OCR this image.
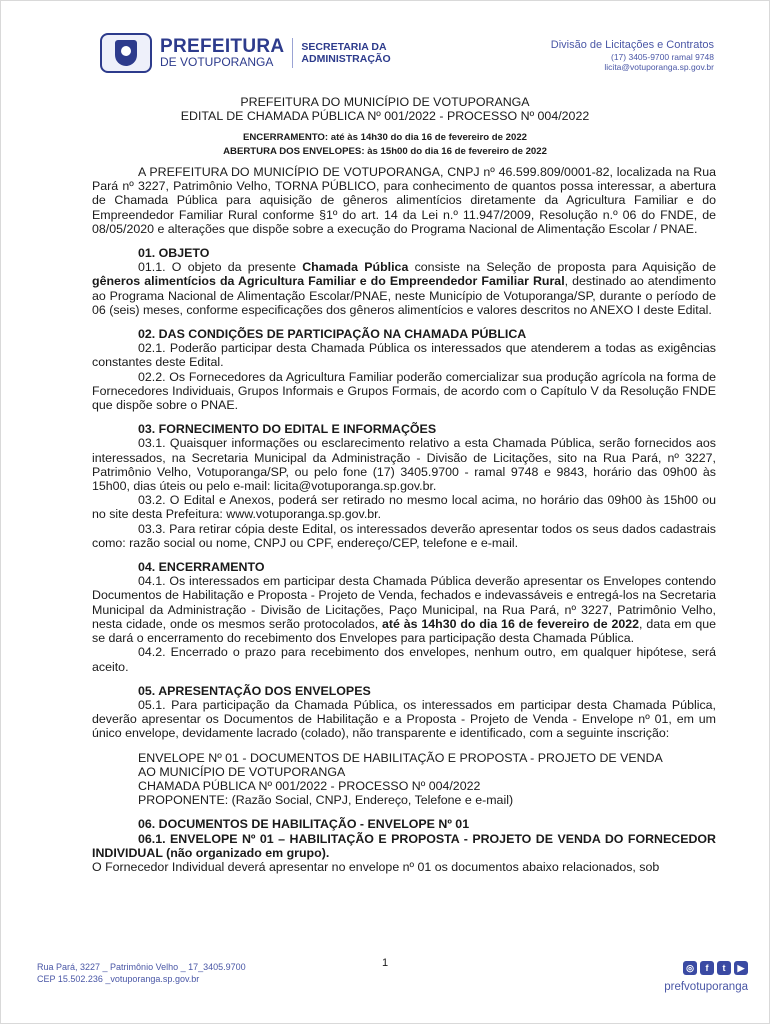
PREFEITURA
DE VOTUPORANGA
SECRETARIA DA
ADMINISTRAÇÃO
Divisão de Licitações e Contratos
(17) 3405-9700 ramal 9748
licita@votuporanga.sp.gov.br
PREFEITURA DO MUNICÍPIO DE VOTUPORANGA
EDITAL DE CHAMADA PÚBLICA Nº 001/2022 - PROCESSO Nº 004/2022
ENCERRAMENTO: até às 14h30 do dia 16 de fevereiro de 2022
ABERTURA DOS ENVELOPES: às 15h00 do dia 16 de fevereiro de 2022

A PREFEITURA DO MUNICÍPIO DE VOTUPORANGA, CNPJ nº 46.599.809/0001-82, localizada na Rua Pará nº 3227, Patrimônio Velho, TORNA PÚBLICO, para conhecimento de quantos possa interessar, a abertura de Chamada Pública para aquisição de gêneros alimentícios diretamente da Agricultura Familiar e do Empreendedor Familiar Rural conforme §1º do art. 14 da Lei n.º 11.947/2009, Resolução n.º 06 do FNDE, de 08/05/2020 e alterações que dispõe sobre a execução do Programa Nacional de Alimentação Escolar / PNAE.

01. OBJETO

01.1. O objeto da presente Chamada Pública consiste na Seleção de proposta para Aquisição de gêneros alimentícios da Agricultura Familiar e do Empreendedor Familiar Rural, destinado ao atendimento ao Programa Nacional de Alimentação Escolar/PNAE, neste Município de Votuporanga/SP, durante o período de 06 (seis) meses, conforme especificações dos gêneros alimentícios e valores descritos no ANEXO I deste Edital.

02. DAS CONDIÇÕES DE PARTICIPAÇÃO NA CHAMADA PÚBLICA

02.1. Poderão participar desta Chamada Pública os interessados que atenderem a todas as exigências constantes deste Edital.

02.2. Os Fornecedores da Agricultura Familiar poderão comercializar sua produção agrícola na forma de Fornecedores Individuais, Grupos Informais e Grupos Formais, de acordo com o Capítulo V da Resolução FNDE que dispõe sobre o PNAE.

03. FORNECIMENTO DO EDITAL E INFORMAÇÕES

03.1. Quaisquer informações ou esclarecimento relativo a esta Chamada Pública, serão fornecidos aos interessados, na Secretaria Municipal da Administração - Divisão de Licitações, sito na Rua Pará, nº 3227, Patrimônio Velho, Votuporanga/SP, ou pelo fone (17) 3405.9700 - ramal 9748 e 9843, horário das 09h00 às 15h00, dias úteis ou pelo e-mail: licita@votuporanga.sp.gov.br.

03.2. O Edital e Anexos, poderá ser retirado no mesmo local acima, no horário das 09h00 às 15h00 ou no site desta Prefeitura: www.votuporanga.sp.gov.br.

03.3. Para retirar cópia deste Edital, os interessados deverão apresentar todos os seus dados cadastrais como: razão social ou nome, CNPJ ou CPF, endereço/CEP, telefone e e-mail.

04. ENCERRAMENTO

04.1. Os interessados em participar desta Chamada Pública deverão apresentar os Envelopes contendo Documentos de Habilitação e Proposta - Projeto de Venda, fechados e indevassáveis e entregá-los na Secretaria Municipal da Administração - Divisão de Licitações, Paço Municipal, na Rua Pará, nº 3227, Patrimônio Velho, nesta cidade, onde os mesmos serão protocolados, até às 14h30 do dia 16 de fevereiro de 2022, data em que se dará o encerramento do recebimento dos Envelopes para participação desta Chamada Pública.

04.2. Encerrado o prazo para recebimento dos envelopes, nenhum outro, em qualquer hipótese, será aceito.

05. APRESENTAÇÃO DOS ENVELOPES

05.1. Para participação da Chamada Pública, os interessados em participar desta Chamada Pública, deverão apresentar os Documentos de Habilitação e a Proposta - Projeto de Venda - Envelope nº 01, em um único envelope, devidamente lacrado (colado), não transparente e identificado, com a seguinte inscrição:

ENVELOPE Nº 01 - DOCUMENTOS DE HABILITAÇÃO E PROPOSTA - PROJETO DE VENDA
AO MUNICÍPIO DE VOTUPORANGA
CHAMADA PÚBLICA Nº 001/2022 - PROCESSO Nº 004/2022
PROPONENTE: (Razão Social, CNPJ, Endereço, Telefone e e-mail)
06. DOCUMENTOS DE HABILITAÇÃO - ENVELOPE Nº 01

06.1. ENVELOPE Nº 01 – HABILITAÇÃO E PROPOSTA - PROJETO DE VENDA DO FORNECEDOR INDIVIDUAL (não organizado em grupo).

O Fornecedor Individual deverá apresentar no envelope nº 01 os documentos abaixo relacionados, sob

1
Rua Pará, 3227 _ Patrimônio Velho _ 17_3405.9700
CEP 15.502.236 _votuporanga.sp.gov.br
◎	f	t	▶
prefvotuporanga
